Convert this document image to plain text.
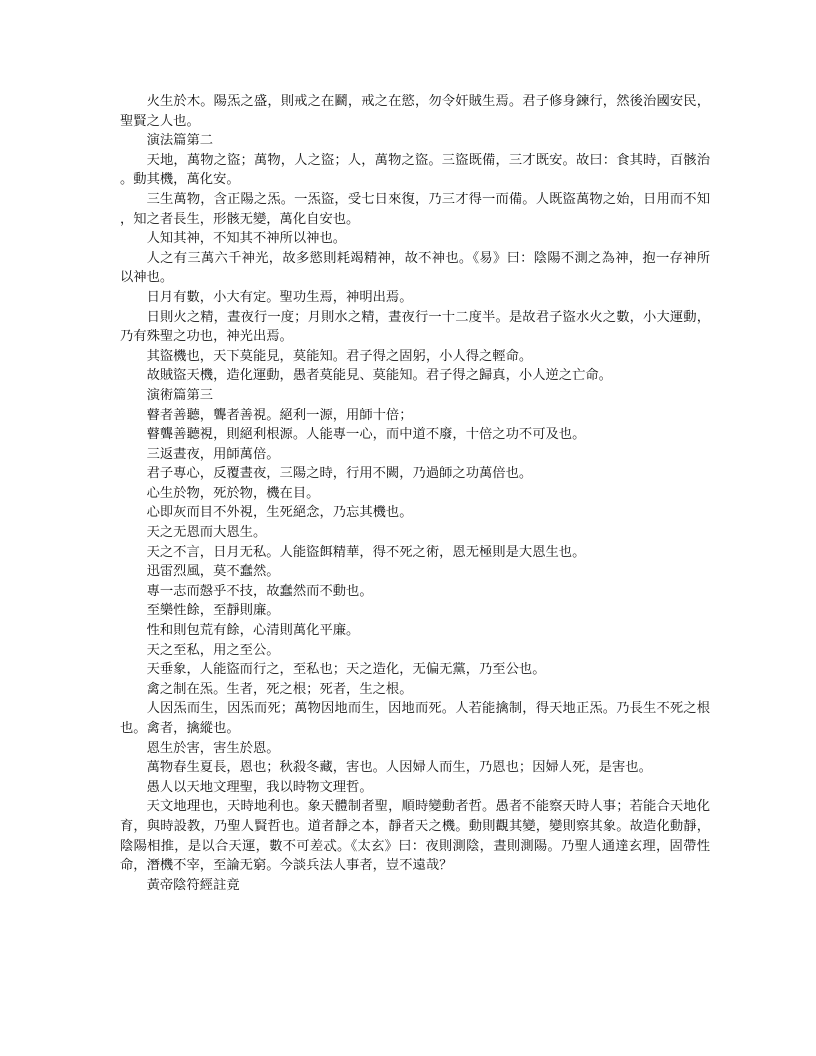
火生於木。陽炁之盛，則戒之在鬬，戒之在慾，勿令奸賊生焉。君子修身鍊行，然後治國安民，聖賢之人也。

演法篇第二

天地，萬物之盜；萬物，人之盜；人，萬物之盜。三盜既備，三才既安。故曰：食其時，百骸治。動其機，萬化安。

三生萬物，含正陽之炁。一炁盜，受七日來復，乃三才得一而備。人既盜萬物之始，日用而不知，知之者長生，形骸无變，萬化自安也。

人知其神，不知其不神所以神也。

人之有三萬六千神光，故多慾則耗竭精神，故不神也。《易》曰：陰陽不測之為神，抱一存神所以神也。

日月有數，小大有定。聖功生焉，神明出焉。

日則火之精，晝夜行一度；月則水之精，晝夜行一十二度半。是故君子盜水火之數，小大運動，乃有殊聖之功也，神光出焉。

其盜機也，天下莫能見，莫能知。君子得之固躬，小人得之輕命。

故賊盜天機，造化運動，愚者莫能見、莫能知。君子得之歸真，小人逆之亡命。

演術篇第三

瞽者善聽，聾者善視。絕利一源，用師十倍；

瞽聾善聽視，則絕利根源。人能專一心，而中道不廢，十倍之功不可及也。

三返晝夜，用師萬倍。

君子專心，反覆晝夜，三陽之時，行用不闕，乃過師之功萬倍也。

心生於物，死於物，機在目。

心即灰而目不外視，生死絕念，乃忘其機也。

天之无恩而大恩生。

天之不言，日月无私。人能盜餌精華，得不死之術，恩无極則是大恩生也。

迅雷烈風，莫不蠢然。

專一志而慤乎不技，故蠢然而不動也。

至樂性餘，至靜則廉。

性和則包荒有餘，心清則萬化平廉。

天之至私，用之至公。

天垂象，人能盜而行之，至私也；天之造化，无偏无黨，乃至公也。

禽之制在炁。生者，死之根；死者，生之根。

人因炁而生，因炁而死；萬物因地而生，因地而死。人若能擒制，得天地正炁。乃長生不死之根也。禽者，擒縱也。

恩生於害，害生於恩。

萬物春生夏長，恩也；秋殺冬藏，害也。人因婦人而生，乃恩也；因婦人死，是害也。

愚人以天地文理聖，我以時物文理哲。

天文地理也，天時地利也。象天體制者聖，順時變動者哲。愚者不能察天時人事；若能合天地化育，與時設教，乃聖人賢哲也。道者靜之本，靜者天之機。動則觀其變，變則察其象。故造化動靜，陰陽相推，是以合天運，數不可差忒。《太玄》曰：夜則測陰，晝則測陽。乃聖人通達玄理，固帶性命，潛機不宰，至論无窮。今談兵法人事者，豈不遠哉？

黃帝陰符經註竟
